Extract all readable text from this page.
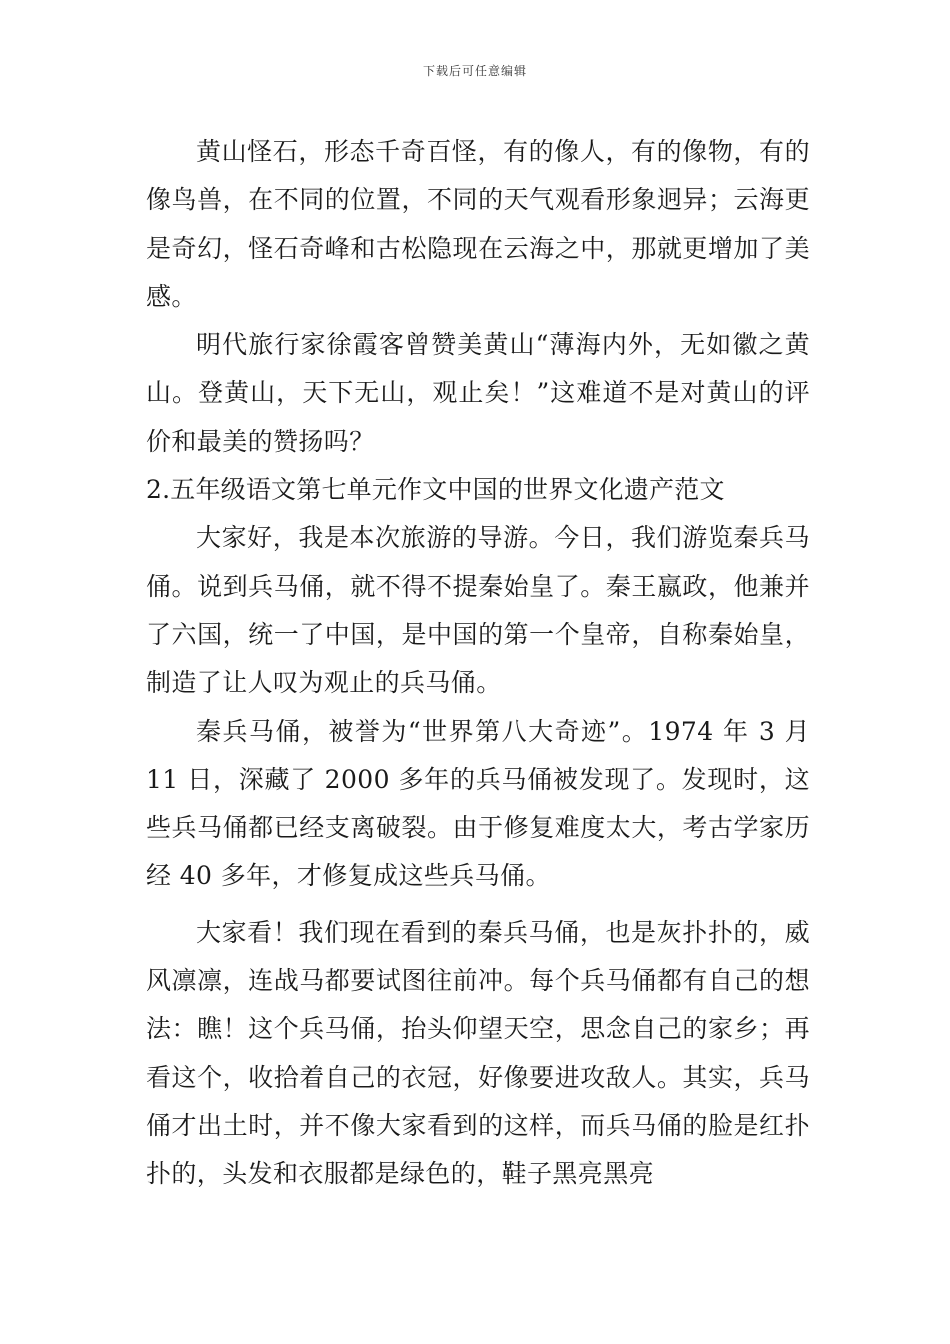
下载后可任意编辑

黄山怪石，形态千奇百怪，有的像人，有的像物，有的像鸟兽，在不同的位置，不同的天气观看形象迥异；云海更是奇幻，怪石奇峰和古松隐现在云海之中，那就更增加了美感。

明代旅行家徐霞客曾赞美黄山“薄海内外，无如徽之黄山。登黄山，天下无山，观止矣！”这难道不是对黄山的评价和最美的赞扬吗？

2.五年级语文第七单元作文中国的世界文化遗产范文

大家好，我是本次旅游的导游。今日，我们游览秦兵马俑。说到兵马俑，就不得不提秦始皇了。秦王嬴政，他兼并了六国，统一了中国，是中国的第一个皇帝，自称秦始皇，制造了让人叹为观止的兵马俑。

秦兵马俑，被誉为“世界第八大奇迹”。1974 年 3 月 11 日，深藏了 2000 多年的兵马俑被发现了。发现时，这些兵马俑都已经支离破裂。由于修复难度太大，考古学家历经 40 多年，才修复成这些兵马俑。

大家看！我们现在看到的秦兵马俑，也是灰扑扑的，威风凛凛，连战马都要试图往前冲。每个兵马俑都有自己的想法：瞧！这个兵马俑，抬头仰望天空，思念自己的家乡；再看这个，收拾着自己的衣冠，好像要进攻敌人。其实，兵马俑才出土时，并不像大家看到的这样，而兵马俑的脸是红扑扑的，头发和衣服都是绿色的，鞋子黑亮黑亮
